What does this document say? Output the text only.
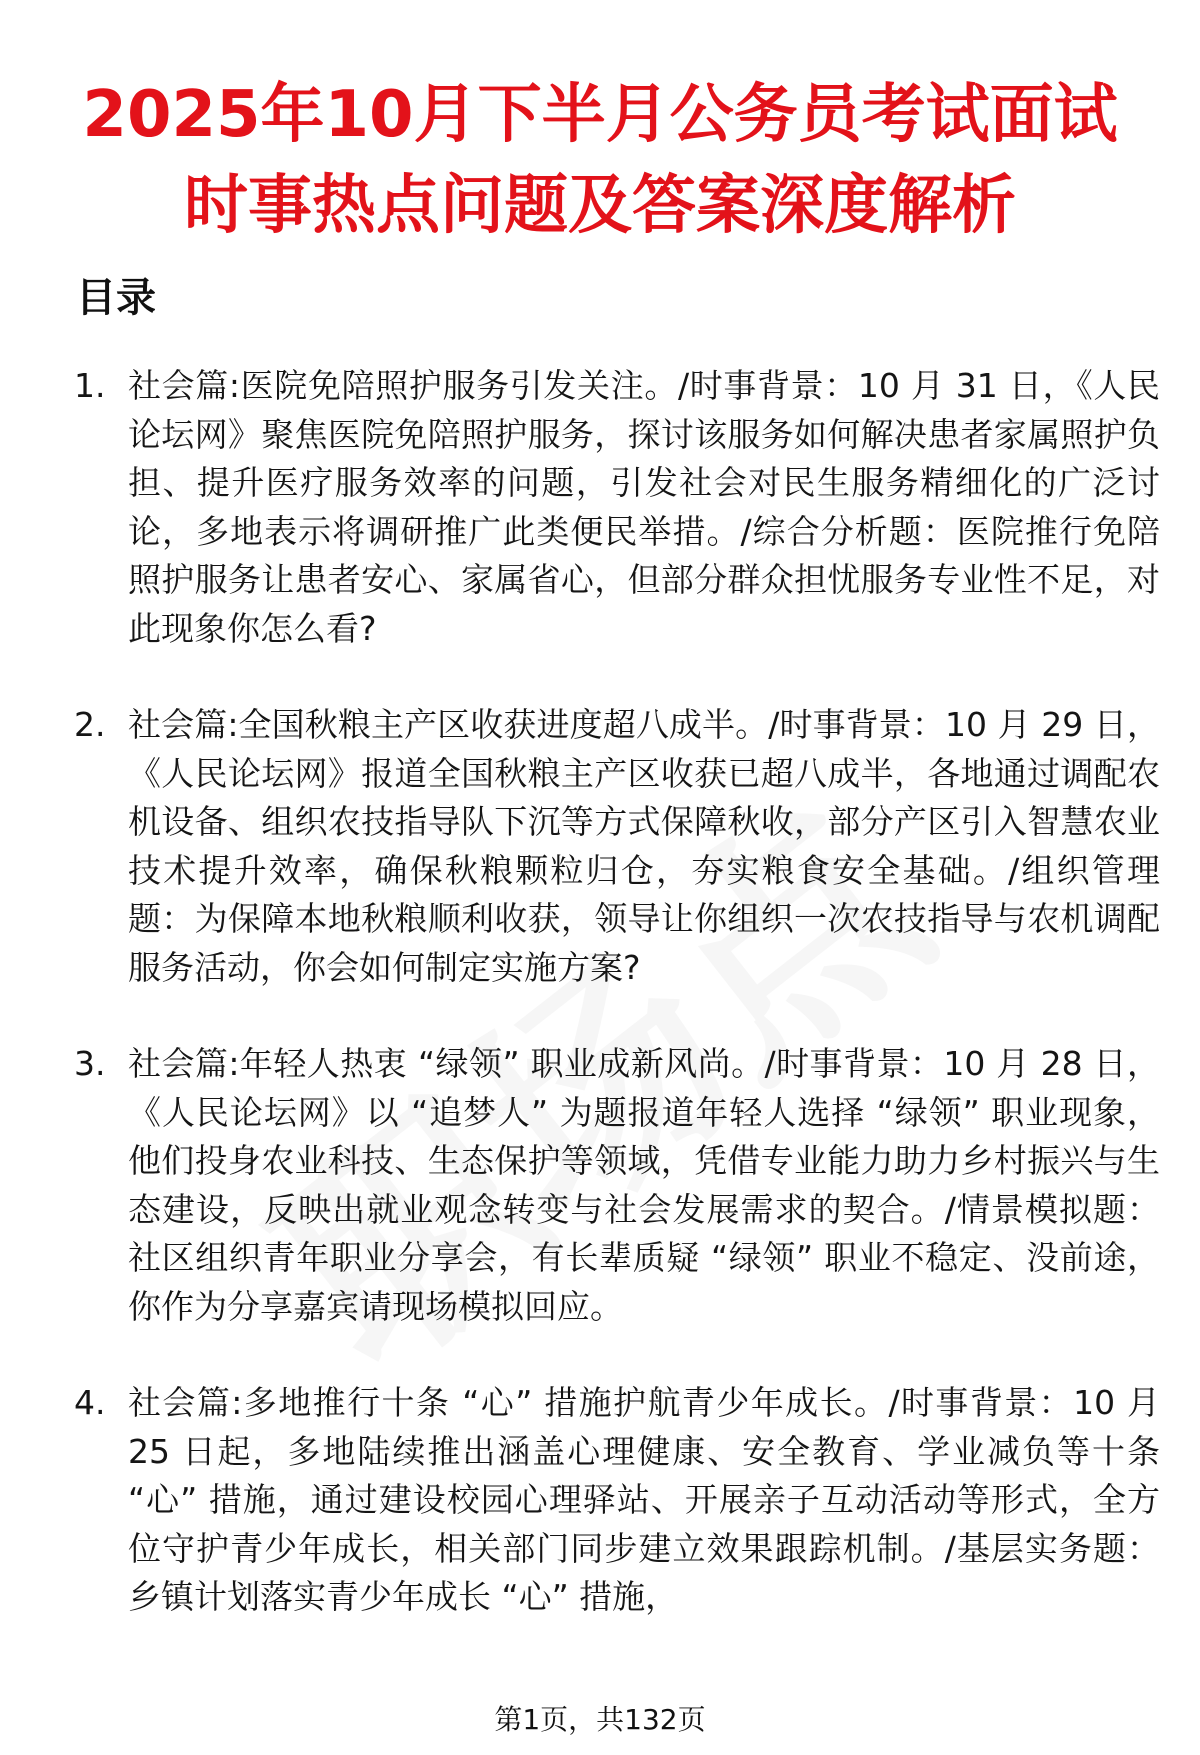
2025年10月下半月公务员考试面试
时事热点问题及答案深度解析
目录
1. 社会篇:医院免陪照护服务引发关注。/时事背景：10 月 31 日，《人民论坛网》聚焦医院免陪照护服务，探讨该服务如何解决患者家属照护负担、提升医疗服务效率的问题，引发社会对民生服务精细化的广泛讨论，多地表示将调研推广此类便民举措。/综合分析题：医院推行免陪照护服务让患者安心、家属省心，但部分群众担忧服务专业性不足，对此现象你怎么看?
2. 社会篇:全国秋粮主产区收获进度超八成半。/时事背景：10 月 29 日，《人民论坛网》报道全国秋粮主产区收获已超八成半，各地通过调配农机设备、组织农技指导队下沉等方式保障秋收，部分产区引入智慧农业技术提升效率，确保秋粮颗粒归仓，夯实粮食安全基础。/组织管理题：为保障本地秋粮顺利收获，领导让你组织一次农技指导与农机调配服务活动，你会如何制定实施方案?
3. 社会篇:年轻人热衷 “绿领” 职业成新风尚。/时事背景：10 月 28 日，《人民论坛网》以 “追梦人” 为题报道年轻人选择 “绿领” 职业现象，他们投身农业科技、生态保护等领域，凭借专业能力助力乡村振兴与生态建设，反映出就业观念转变与社会发展需求的契合。/情景模拟题：社区组织青年职业分享会，有长辈质疑 “绿领” 职业不稳定、没前途，你作为分享嘉宾请现场模拟回应。
4. 社会篇:多地推行十条 “心” 措施护航青少年成长。/时事背景：10 月 25 日起，多地陆续推出涵盖心理健康、安全教育、学业减负等十条 “心” 措施，通过建设校园心理驿站、开展亲子互动活动等形式，全方位守护青少年成长，相关部门同步建立效果跟踪机制。/基层实务题：乡镇计划落实青少年成长 “心” 措施，
第1页，共132页
